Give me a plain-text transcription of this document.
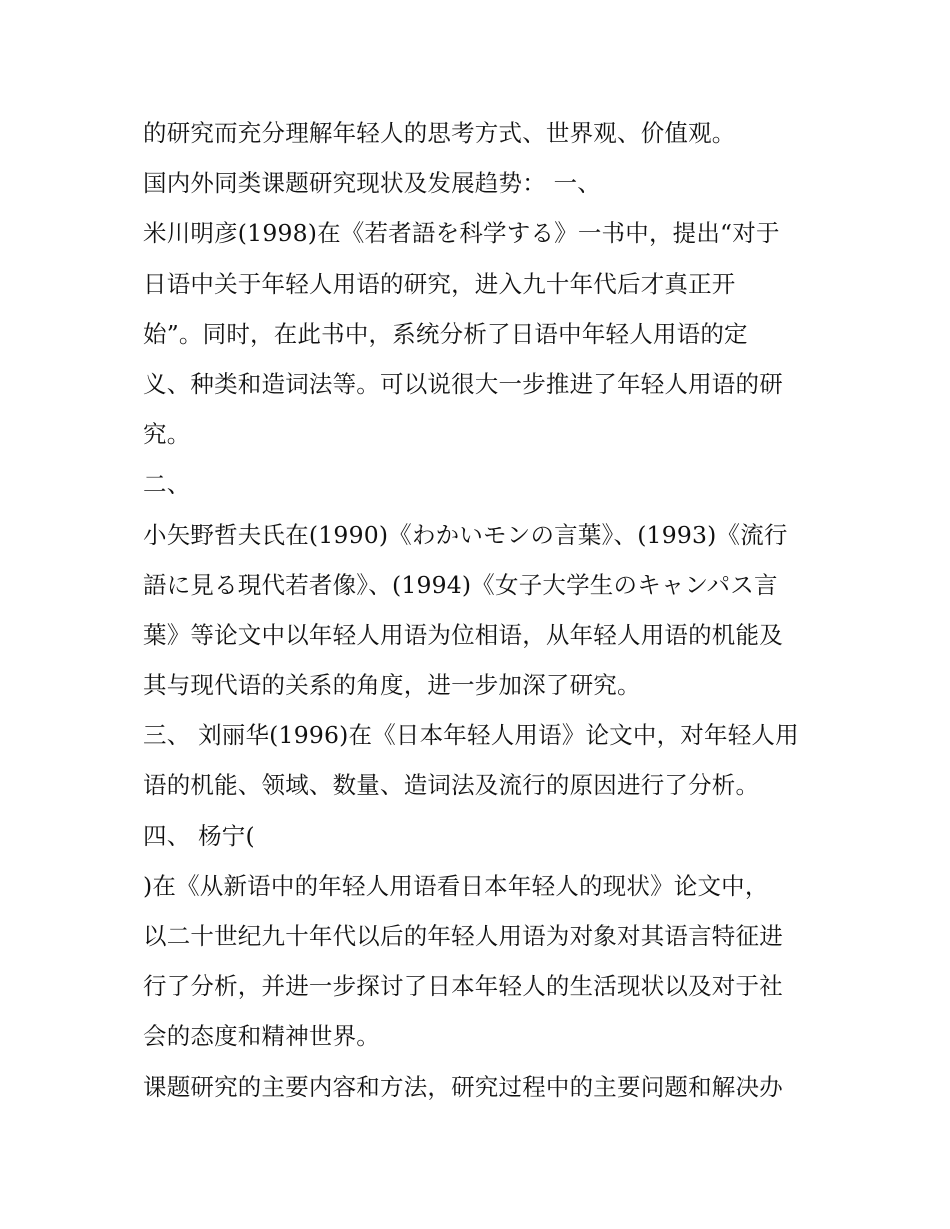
的研究而充分理解年轻人的思考方式、世界观、价值观。
国内外同类课题研究现状及发展趋势： 一、
米川明彦(1998)在《若者語を科学する》一书中，提出“对于
日语中关于年轻人用语的研究，进入九十年代后才真正开
始”。同时，在此书中，系统分析了日语中年轻人用语的定
义、种类和造词法等。可以说很大一步推进了年轻人用语的研
究。
二、
小矢野哲夫氏在(1990)《わかいモンの言葉》、(1993)《流行
語に見る現代若者像》、(1994)《女子大学生のキャンパス言
葉》等论文中以年轻人用语为位相语，从年轻人用语的机能及
其与现代语的关系的角度，进一步加深了研究。
三、 刘丽华(1996)在《日本年轻人用语》论文中，对年轻人用
语的机能、领域、数量、造词法及流行的原因进行了分析。
四、 杨宁(
)在《从新语中的年轻人用语看日本年轻人的现状》论文中，
以二十世纪九十年代以后的年轻人用语为对象对其语言特征进
行了分析，并进一步探讨了日本年轻人的生活现状以及对于社
会的态度和精神世界。
课题研究的主要内容和方法，研究过程中的主要问题和解决办
